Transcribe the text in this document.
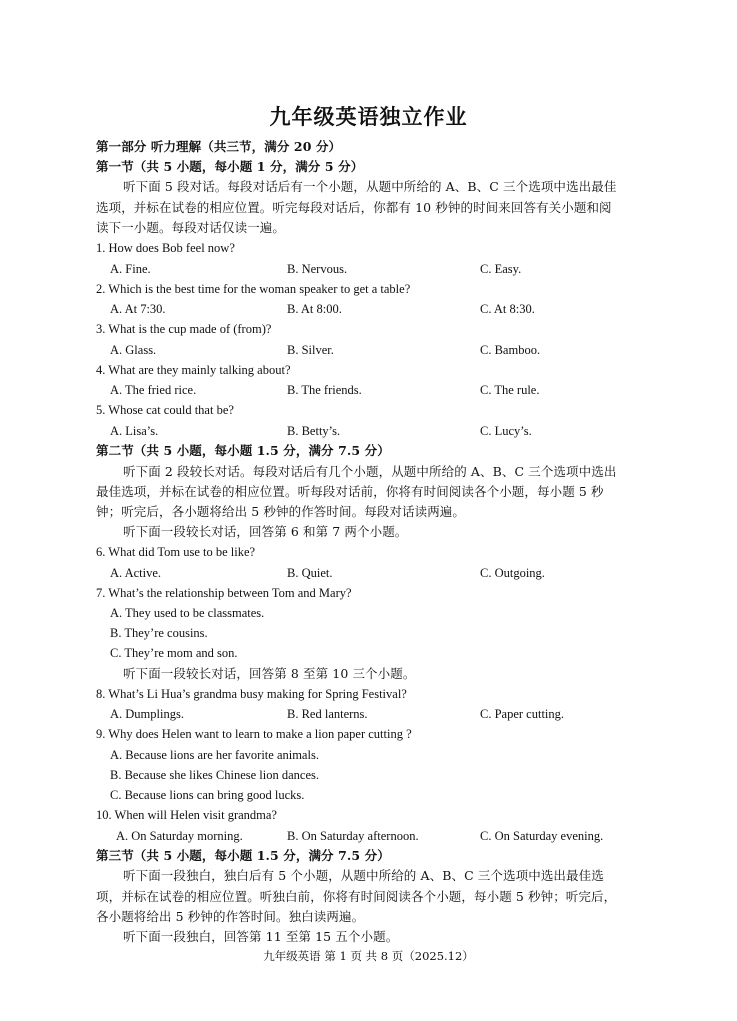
九年级英语独立作业
第一部分 听力理解（共三节，满分 20 分）
第一节（共 5 小题，每小题 1 分，满分 5 分）
听下面 5 段对话。每段对话后有一个小题，从题中所给的 A、B、C 三个选项中选出最佳
选项，并标在试卷的相应位置。听完每段对话后，你都有 10 秒钟的时间来回答有关小题和阅
读下一小题。每段对话仅读一遍。
1. How does Bob feel now?
A. Fine.	B. Nervous.	C. Easy.
2. Which is the best time for the woman speaker to get a table?
A. At 7:30.	B. At 8:00.	C. At 8:30.
3. What is the cup made of (from)?
A. Glass.	B. Silver.	C. Bamboo.
4. What are they mainly talking about?
A. The fried rice.	B. The friends.	C. The rule.
5. Whose cat could that be?
A. Lisa’s.	B. Betty’s.	C. Lucy’s.
第二节（共 5 小题，每小题 1.5 分，满分 7.5 分）
听下面 2 段较长对话。每段对话后有几个小题，从题中所给的 A、B、C 三个选项中选出
最佳选项，并标在试卷的相应位置。听每段对话前，你将有时间阅读各个小题，每小题 5 秒
钟；听完后，各小题将给出 5 秒钟的作答时间。每段对话读两遍。
听下面一段较长对话，回答第 6 和第 7 两个小题。
6. What did Tom use to be like?
A. Active.	B. Quiet.	C. Outgoing.
7. What’s the relationship between Tom and Mary?
A. They used to be classmates.
B. They’re cousins.
C. They’re mom and son.
听下面一段较长对话，回答第 8 至第 10 三个小题。
8. What’s Li Hua’s grandma busy making for Spring Festival?
A. Dumplings.	B. Red lanterns.	C. Paper cutting.
9. Why does Helen want to learn to make a lion paper cutting ?
A. Because lions are her favorite animals.
B. Because she likes Chinese lion dances.
C. Because lions can bring good lucks.
10. When will Helen visit grandma?
A. On Saturday morning.	B. On Saturday afternoon.	C. On Saturday evening.
第三节（共 5 小题，每小题 1.5 分，满分 7.5 分）
听下面一段独白，独白后有 5 个小题，从题中所给的 A、B、C 三个选项中选出最佳选
项，并标在试卷的相应位置。听独白前，你将有时间阅读各个小题，每小题 5 秒钟；听完后，
各小题将给出 5 秒钟的作答时间。独白读两遍。
听下面一段独白，回答第 11 至第 15 五个小题。
九年级英语 第 1 页 共 8 页（2025.12）
